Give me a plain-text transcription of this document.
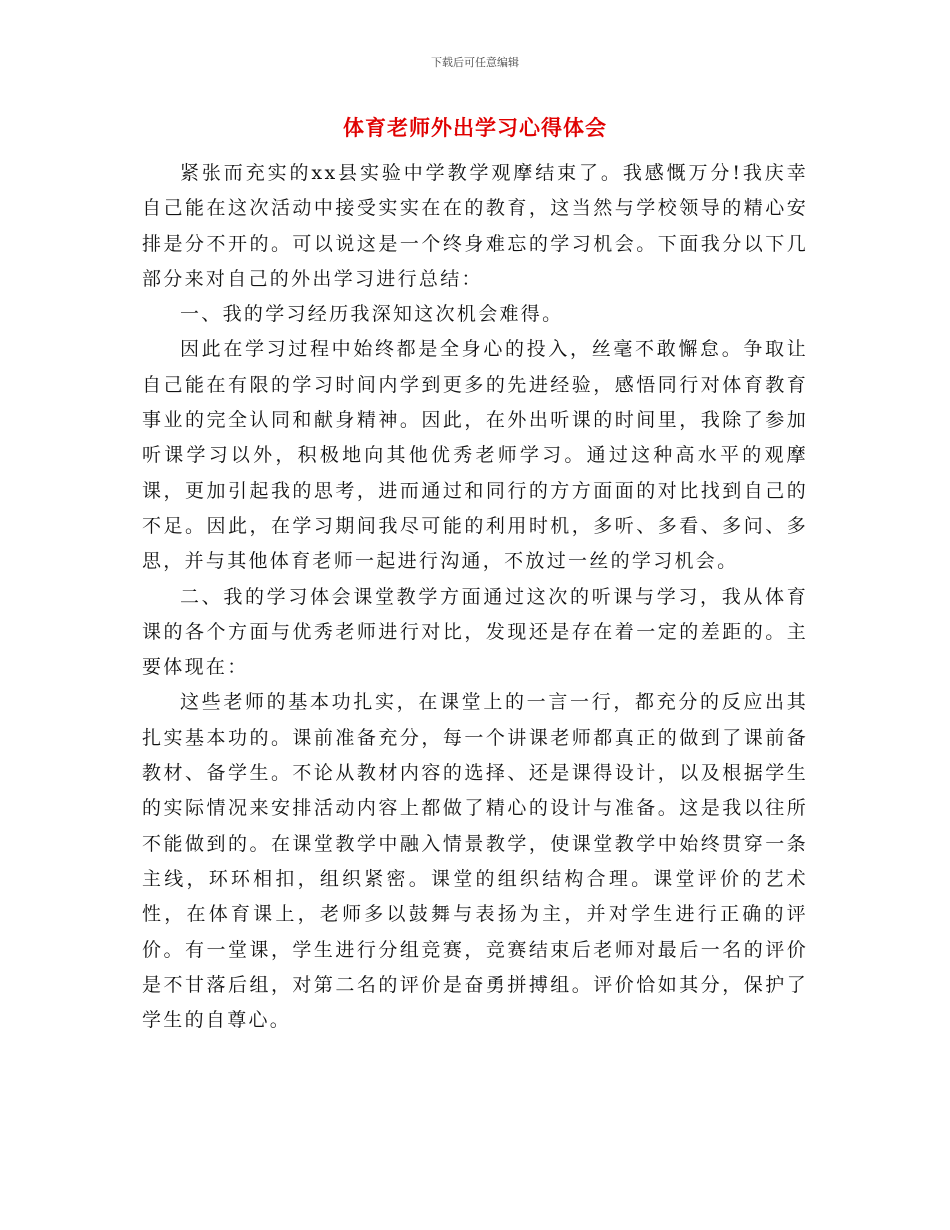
下载后可任意编辑
体育老师外出学习心得体会

紧张而充实的xx县实验中学教学观摩结束了。我感慨万分!我庆幸自己能在这次活动中接受实实在在的教育，这当然与学校领导的精心安排是分不开的。可以说这是一个终身难忘的学习机会。下面我分以下几部分来对自己的外出学习进行总结：

一、我的学习经历我深知这次机会难得。

因此在学习过程中始终都是全身心的投入，丝毫不敢懈怠。争取让自己能在有限的学习时间内学到更多的先进经验，感悟同行对体育教育事业的完全认同和献身精神。因此，在外出听课的时间里，我除了参加听课学习以外，积极地向其他优秀老师学习。通过这种高水平的观摩课，更加引起我的思考，进而通过和同行的方方面面的对比找到自己的不足。因此，在学习期间我尽可能的利用时机，多听、多看、多问、多思，并与其他体育老师一起进行沟通，不放过一丝的学习机会。

二、我的学习体会课堂教学方面通过这次的听课与学习，我从体育课的各个方面与优秀老师进行对比，发现还是存在着一定的差距的。主要体现在：

这些老师的基本功扎实，在课堂上的一言一行，都充分的反应出其扎实基本功的。课前准备充分，每一个讲课老师都真正的做到了课前备教材、备学生。不论从教材内容的选择、还是课得设计，以及根据学生的实际情况来安排活动内容上都做了精心的设计与准备。这是我以往所不能做到的。在课堂教学中融入情景教学，使课堂教学中始终贯穿一条主线，环环相扣，组织紧密。课堂的组织结构合理。课堂评价的艺术性，在体育课上，老师多以鼓舞与表扬为主，并对学生进行正确的评价。有一堂课，学生进行分组竞赛，竞赛结束后老师对最后一名的评价是不甘落后组，对第二名的评价是奋勇拼搏组。评价恰如其分，保护了学生的自尊心。
